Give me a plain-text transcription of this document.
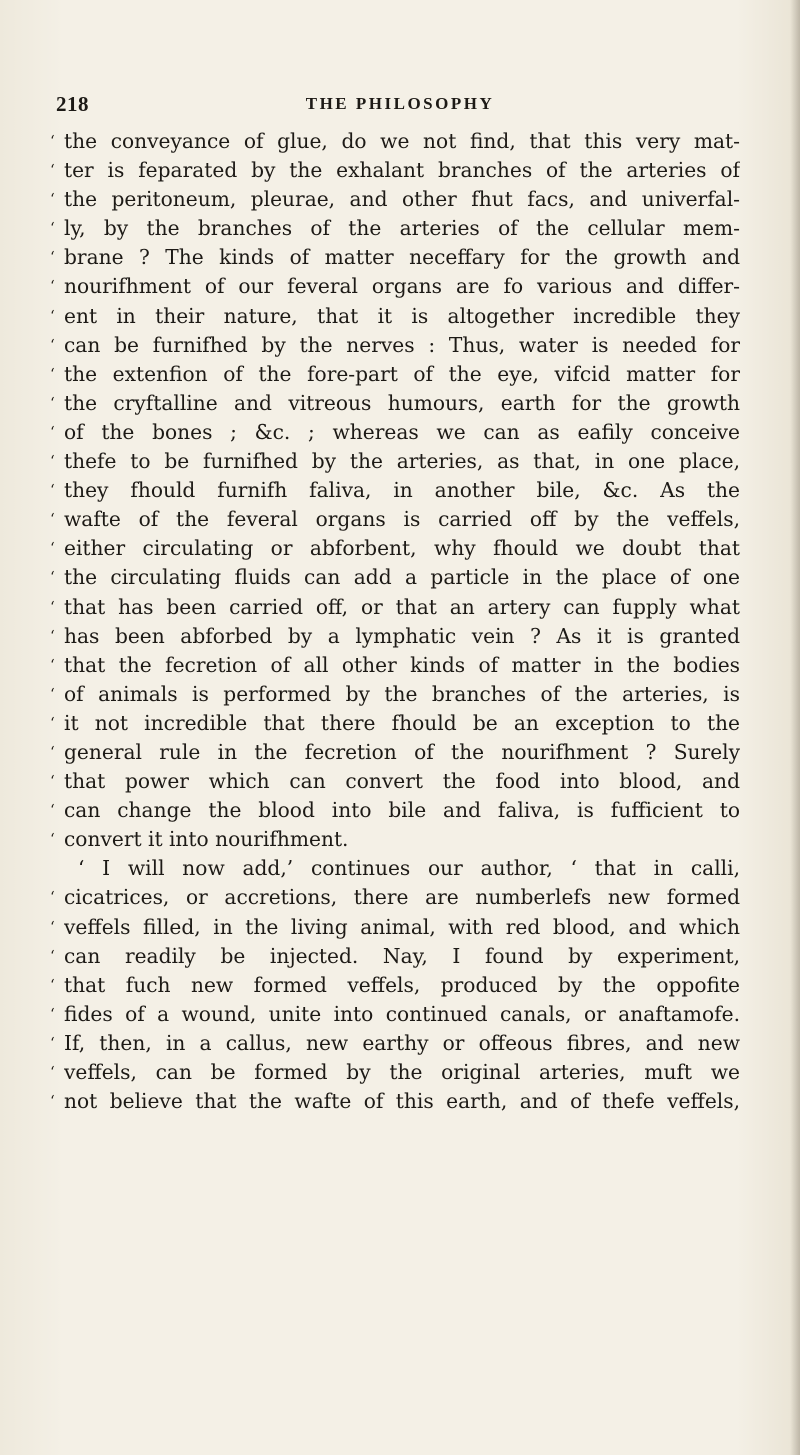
218	THE PHILOSOPHY
‘ the conveyance of glue, do we not find, that this very mat-
‘ ter is feparated by the exhalant branches of the arteries of
‘ the peritoneum, pleurae, and other fhut facs, and univerfal-
‘ ly, by the branches of the arteries of the cellular mem-
‘ brane ? The kinds of matter neceffary for the growth and
‘ nourifhment of our feveral organs are fo various and differ-
‘ ent in their nature, that it is altogether incredible they
‘ can be furnifhed by the nerves : Thus, water is needed for
‘ the extenfion of the fore-part of the eye, vifcid matter for
‘ the cryftalline and vitreous humours, earth for the growth
‘ of the bones ; &c. ; whereas we can as eafily conceive
‘ thefe to be furnifhed by the arteries, as that, in one place,
‘ they fhould furnifh faliva, in another bile, &c. As the
‘ wafte of the feveral organs is carried off by the veffels,
‘ either circulating or abforbent, why fhould we doubt that
‘ the circulating fluids can add a particle in the place of one
‘ that has been carried off, or that an artery can fupply what
‘ has been abforbed by a lymphatic vein ? As it is granted
‘ that the fecretion of all other kinds of matter in the bodies
‘ of animals is performed by the branches of the arteries, is
‘ it not incredible that there fhould be an exception to the
‘ general rule in the fecretion of the nourifhment ? Surely
‘ that power which can convert the food into blood, and
‘ can change the blood into bile and faliva, is fufficient to
‘ convert it into nourifhment.
‘ I will now add,’ continues our author, ‘ that in calli,
‘ cicatrices, or accretions, there are numberlefs new formed
‘ veffels filled, in the living animal, with red blood, and which
‘ can readily be injected. Nay, I found by experiment,
‘ that fuch new formed veffels, produced by the oppofite
‘ fides of a wound, unite into continued canals, or anaftamofe.
‘ If, then, in a callus, new earthy or offeous fibres, and new
‘ veffels, can be formed by the original arteries, muft we
‘ not believe that the wafte of this earth, and of thefe veffels,
